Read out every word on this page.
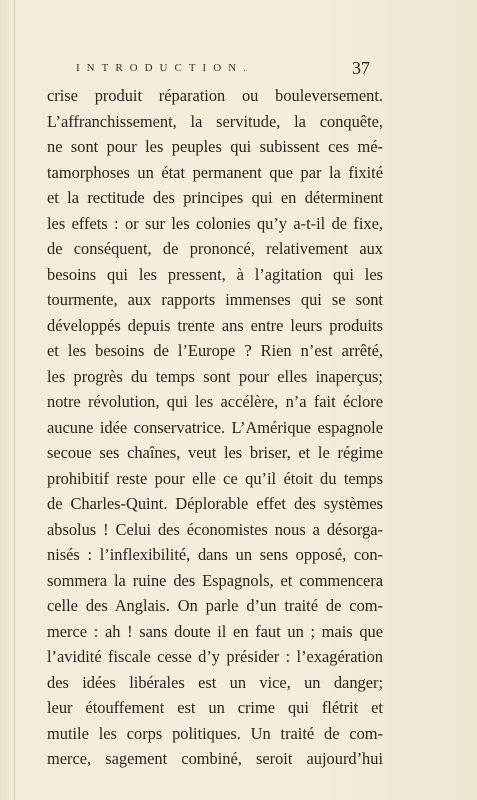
INTRODUCTION.	37
crise produit réparation ou bouleversement.
L’affranchissement, la servitude, la conquête,
ne sont pour les peuples qui subissent ces mé-
tamorphoses un état permanent que par la fixité
et la rectitude des principes qui en déterminent
les effets : or sur les colonies qu’y a-t-il de fixe,
de conséquent, de prononcé, relativement aux
besoins qui les pressent, à l’agitation qui les
tourmente, aux rapports immenses qui se sont
développés depuis trente ans entre leurs produits
et les besoins de l’Europe ? Rien n’est arrêté,
les progrès du temps sont pour elles inaperçus;
notre révolution, qui les accélère, n’a fait éclore
aucune idée conservatrice. L’Amérique espagnole
secoue ses chaînes, veut les briser, et le régime
prohibitif reste pour elle ce qu’il étoit du temps
de Charles-Quint. Déplorable effet des systèmes
absolus ! Celui des économistes nous a désorga-
nisés : l’inflexibilité, dans un sens opposé, con-
sommera la ruine des Espagnols, et commencera
celle des Anglais. On parle d’un traité de com-
merce : ah ! sans doute il en faut un ; mais que
l’avidité fiscale cesse d’y présider : l’exagération
des idées libérales est un vice, un danger;
leur étouffement est un crime qui flétrit et
mutile les corps politiques. Un traité de com-
merce, sagement combiné, seroit aujourd’hui
